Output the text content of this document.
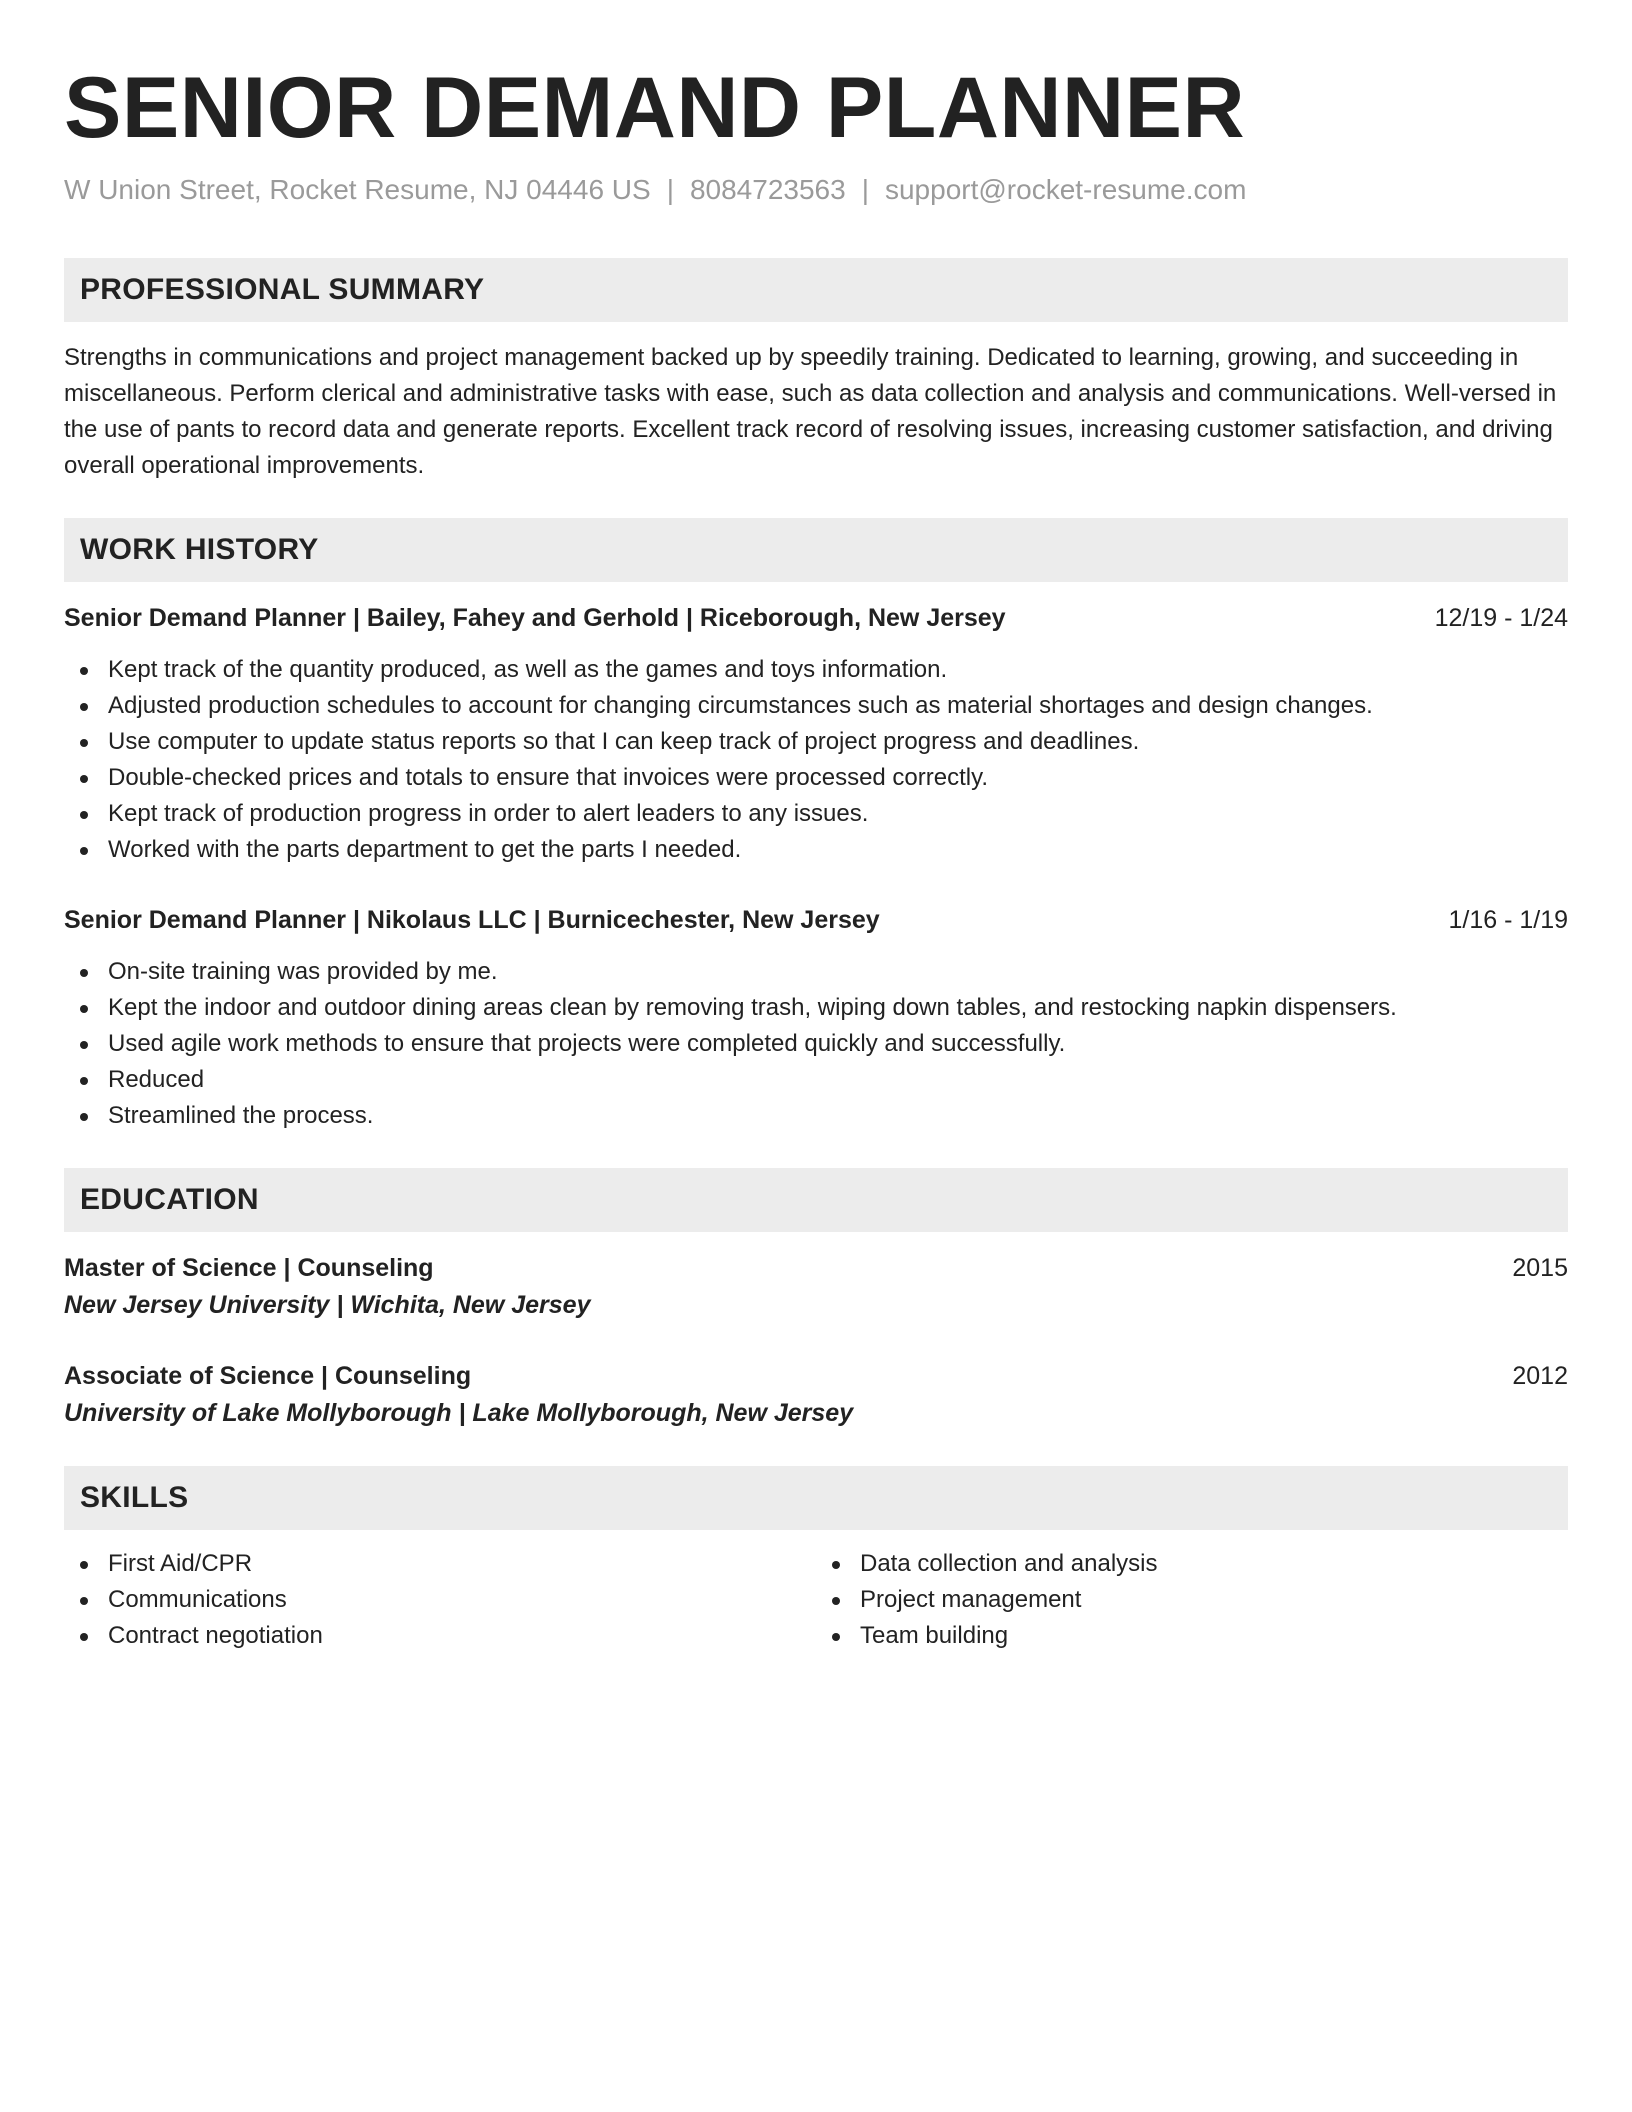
SENIOR DEMAND PLANNER
W Union Street, Rocket Resume, NJ 04446 US | 8084723563 | support@rocket-resume.com
PROFESSIONAL SUMMARY

Strengths in communications and project management backed up by speedily training. Dedicated to learning, growing, and succeeding in miscellaneous. Perform clerical and administrative tasks with ease, such as data collection and analysis and communications. Well-versed in the use of pants to record data and generate reports. Excellent track record of resolving issues, increasing customer satisfaction, and driving overall operational improvements.

WORK HISTORY
Senior Demand Planner | Bailey, Fahey and Gerhold | Riceborough, New Jersey	12/19 - 1/24
Kept track of the quantity produced, as well as the games and toys information.
Adjusted production schedules to account for changing circumstances such as material shortages and design changes.
Use computer to update status reports so that I can keep track of project progress and deadlines.
Double-checked prices and totals to ensure that invoices were processed correctly.
Kept track of production progress in order to alert leaders to any issues.
Worked with the parts department to get the parts I needed.
Senior Demand Planner | Nikolaus LLC | Burnicechester, New Jersey	1/16 - 1/19
On-site training was provided by me.
Kept the indoor and outdoor dining areas clean by removing trash, wiping down tables, and restocking napkin dispensers.
Used agile work methods to ensure that projects were completed quickly and successfully.
Reduced
Streamlined the process.
EDUCATION
Master of Science | Counseling	2015
New Jersey University | Wichita, New Jersey
Associate of Science | Counseling	2012
University of Lake Mollyborough | Lake Mollyborough, New Jersey
SKILLS
First Aid/CPR
Communications
Contract negotiation
Data collection and analysis
Project management
Team building
